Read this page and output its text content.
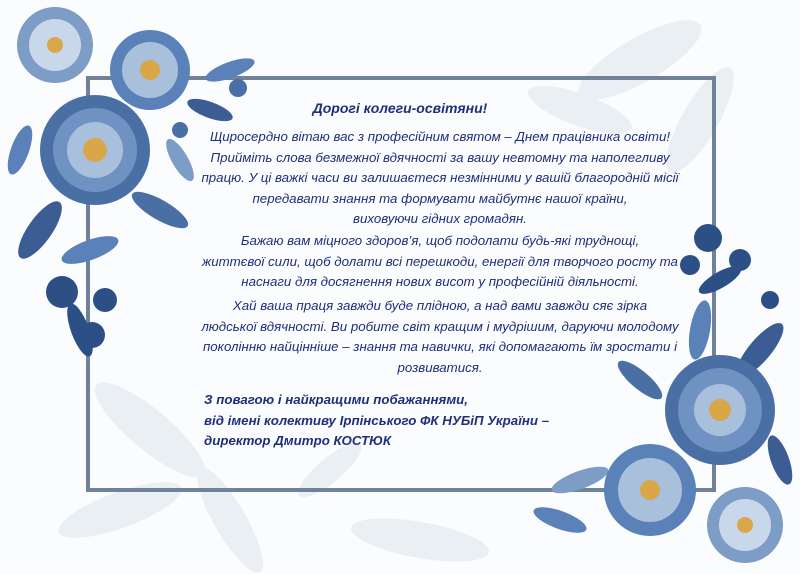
Дорогі колеги-освітяни!
Щиросердно вітаю вас з професійним святом – Днем працівника освіти!
Прийміть слова безмежної вдячності за вашу невтомну та наполегливу
працю. У ці важкі часи ви залишаєтеся незмінними у вашій благородній місії
передавати знання та формувати майбутнє нашої країни,
виховуючи гідних громадян.
Бажаю вам міцного здоров’я, щоб подолати будь-які труднощі,
життєвої сили, щоб долати всі перешкоди, енергії для творчого росту та
наснаги для досягнення нових висот у професійній діяльності.
Хай ваша праця завжди буде плідною, а над вами завжди сяє зірка
людської вдячності. Ви робите світ кращим і мудрішим, даруючи молодому
поколінню найцінніше – знання та навички, які допомагають їм зростати і
розвиватися.
З повагою і найкращими побажаннями,
від імені колективу Ірпінського ФК НУБіП України –
директор Дмитро КОСТЮК
